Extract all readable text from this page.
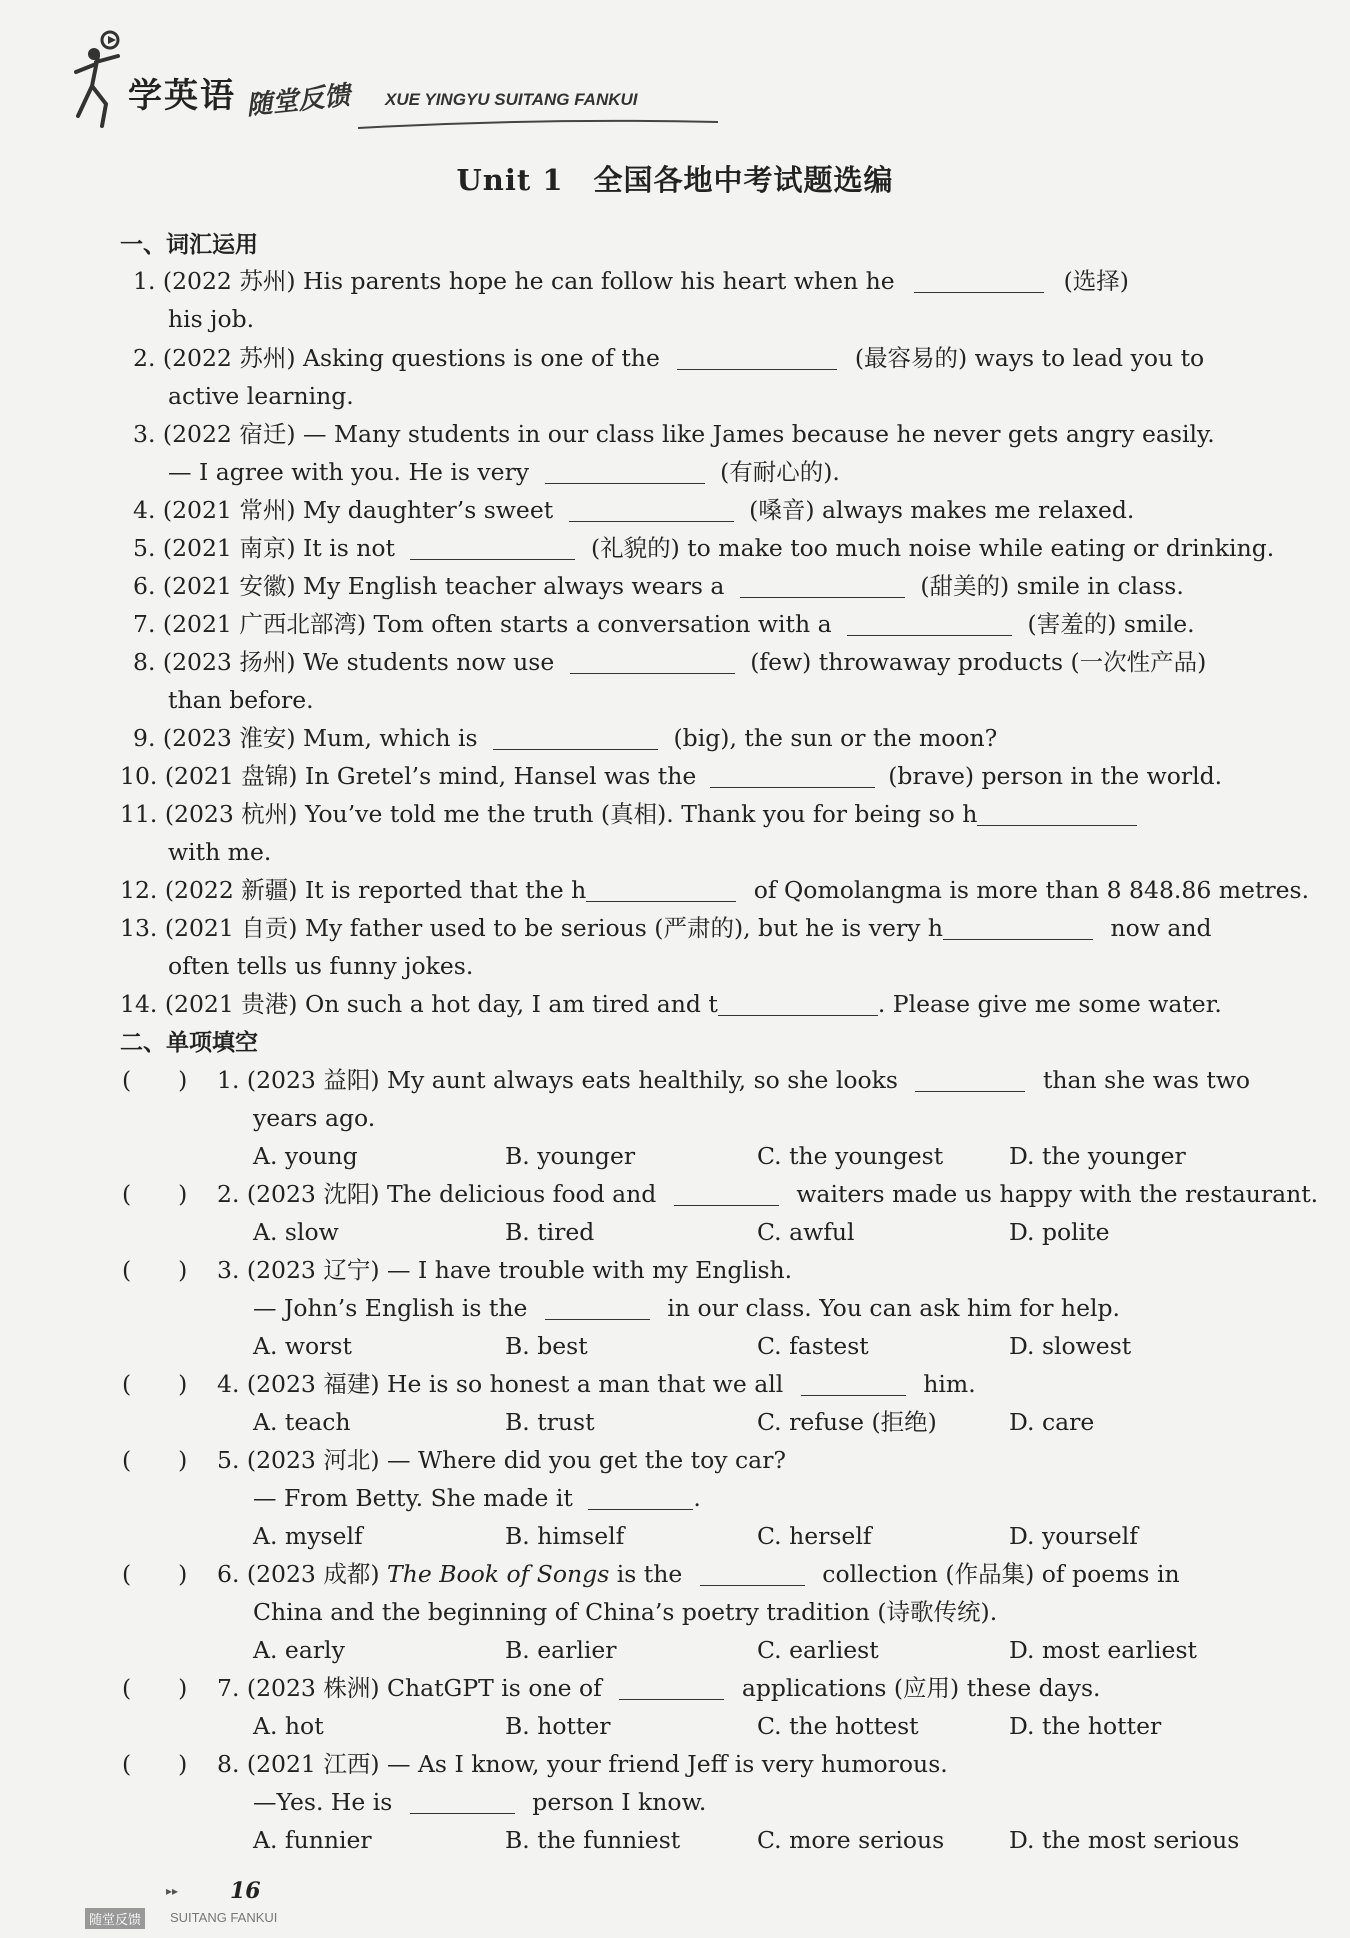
学英语 随堂反馈 XUE YINGYU SUITANG FANKUI
Unit 1　全国各地中考试题选编
一、词汇运用
1. (2022 苏州) His parents hope he can follow his heart when he	(选择)
his job.
2. (2022 苏州) Asking questions is one of the	(最容易的) ways to lead you to
active learning.
3. (2022 宿迁) — Many students in our class like James because he never gets angry easily.
— I agree with you. He is very	(有耐心的).
4. (2021 常州) My daughter’s sweet	(嗓音) always makes me relaxed.
5. (2021 南京) It is not	(礼貌的) to make too much noise while eating or drinking.
6. (2021 安徽) My English teacher always wears a	(甜美的) smile in class.
7. (2021 广西北部湾) Tom often starts a conversation with a	(害羞的) smile.
8. (2023 扬州) We students now use	(few) throwaway products (一次性产品)
than before.
9. (2023 淮安) Mum, which is	(big), the sun or the moon?
10. (2021 盘锦) In Gretel’s mind, Hansel was the	(brave) person in the world.
11. (2023 杭州) You’ve told me the truth (真相). Thank you for being so h
with me.
12. (2022 新疆) It is reported that the h	of Qomolangma is more than 8 848.86 metres.
13. (2021 自贡) My father used to be serious (严肃的), but he is very h	now and
often tells us funny jokes.
14. (2021 贵港) On such a hot day, I am tired and t	. Please give me some water.
二、单项填空
(　　)	1. (2023 益阳) My aunt always eats healthily, so she looks	than she was two
years ago.
A. young	B. younger	C. the youngest	D. the younger
(　　)	2. (2023 沈阳) The delicious food and	waiters made us happy with the restaurant.
A. slow	B. tired	C. awful	D. polite
(　　)	3. (2023 辽宁) — I have trouble with my English.
— John’s English is the	in our class. You can ask him for help.
A. worst	B. best	C. fastest	D. slowest
(　　)	4. (2023 福建) He is so honest a man that we all	him.
A. teach	B. trust	C. refuse (拒绝)	D. care
(　　)	5. (2023 河北) — Where did you get the toy car?
— From Betty. She made it	.
A. myself	B. himself	C. herself	D. yourself
(　　)	6. (2023 成都) The Book of Songs is the	collection (作品集) of poems in
China and the beginning of China’s poetry tradition (诗歌传统).
A. early	B. earlier	C. earliest	D. most earliest
(　　)	7. (2023 株洲) ChatGPT is one of	applications (应用) these days.
A. hot	B. hotter	C. the hottest	D. the hotter
(　　)	8. (2021 江西) — As I know, your friend Jeff is very humorous.
—Yes. He is	person I know.
A. funnier	B. the funniest	C. more serious	D. the most serious
▸▸ 16
随堂反馈	SUITANG FANKUI
